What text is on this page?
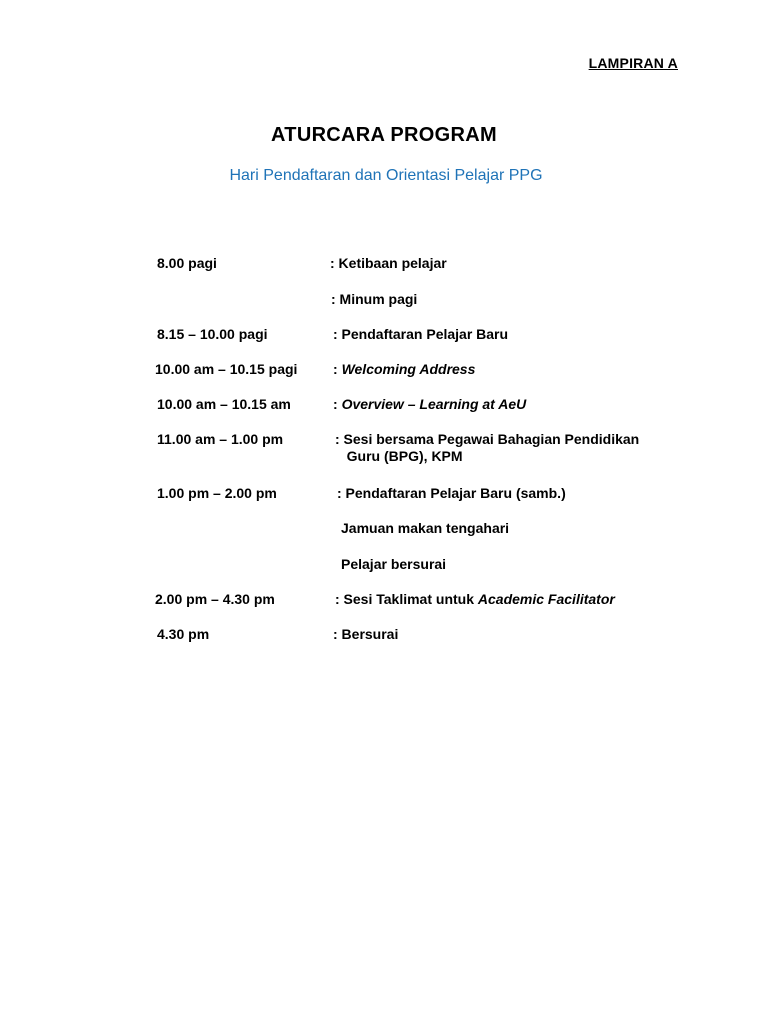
LAMPIRAN A
ATURCARA PROGRAM
Hari Pendaftaran dan Orientasi Pelajar PPG
8.00 pagi	: Ketibaan pelajar
: Minum pagi
8.15 – 10.00 pagi	: Pendaftaran Pelajar Baru
10.00 am – 10.15 pagi	: Welcoming Address
10.00 am – 10.15 am	: Overview – Learning at AeU
11.00 am – 1.00 pm	: Sesi bersama Pegawai Bahagian Pendidikan
Guru (BPG), KPM
1.00 pm – 2.00 pm	: Pendaftaran Pelajar Baru (samb.)
Jamuan makan tengahari
Pelajar bersurai
2.00 pm – 4.30 pm	: Sesi Taklimat untuk Academic Facilitator
4.30 pm	: Bersurai
